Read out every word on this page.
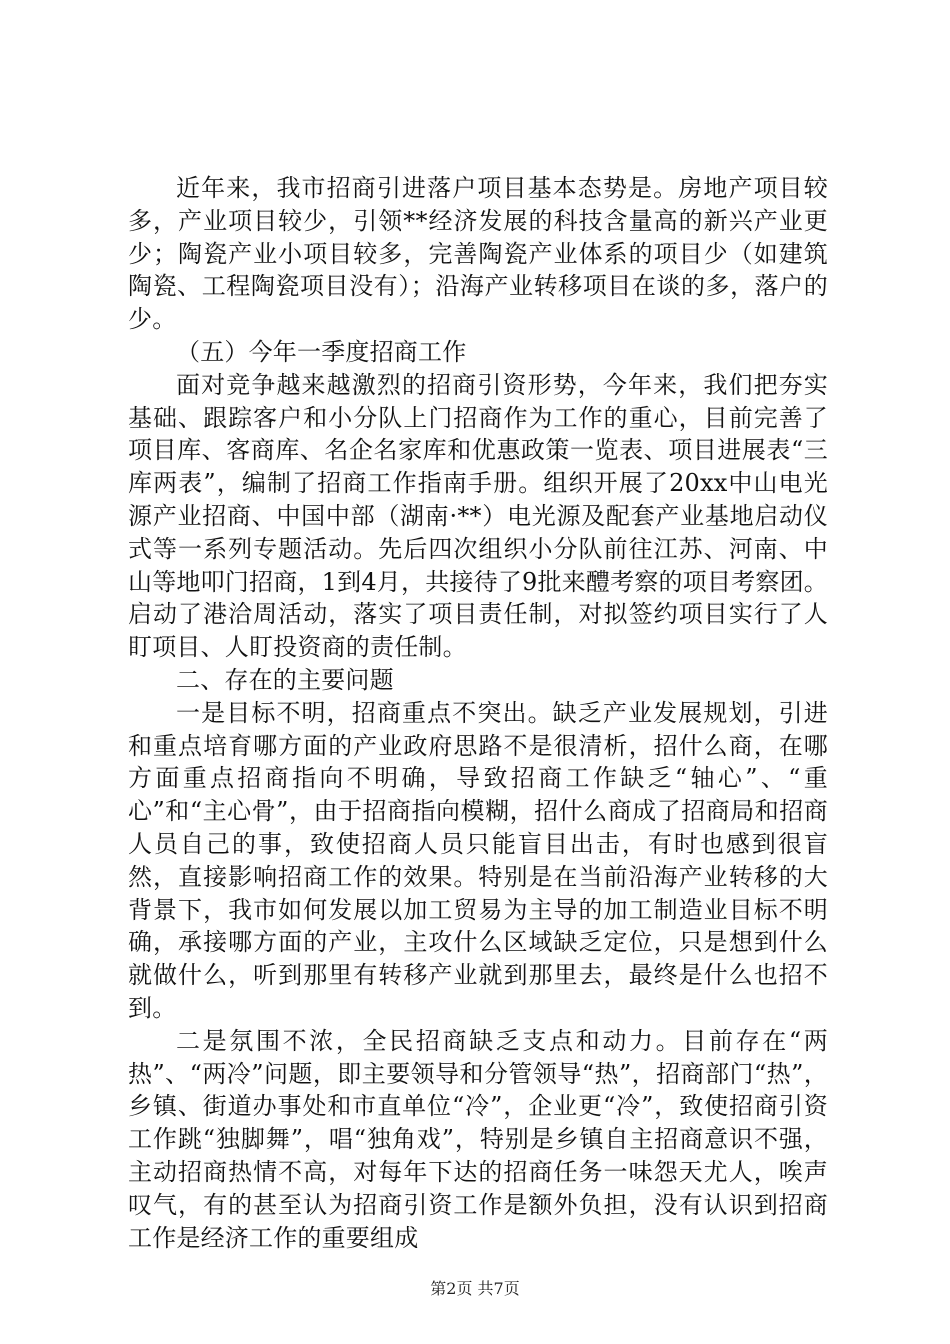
近年来，我市招商引进落户项目基本态势是。房地产项目较多，产业项目较少，引领**经济发展的科技含量高的新兴产业更少；陶瓷产业小项目较多，完善陶瓷产业体系的项目少（如建筑陶瓷、工程陶瓷项目没有）；沿海产业转移项目在谈的多，落户的少。

（五）今年一季度招商工作

面对竞争越来越激烈的招商引资形势，今年来，我们把夯实基础、跟踪客户和小分队上门招商作为工作的重心，目前完善了项目库、客商库、名企名家库和优惠政策一览表、项目进展表“三库两表”，编制了招商工作指南手册。组织开展了20xx中山电光源产业招商、中国中部（湖南·**）电光源及配套产业基地启动仪式等一系列专题活动。先后四次组织小分队前往江苏、河南、中山等地叩门招商，1到4月，共接待了9批来醴考察的项目考察团。启动了港洽周活动，落实了项目责任制，对拟签约项目实行了人盯项目、人盯投资商的责任制。

二、存在的主要问题

一是目标不明，招商重点不突出。缺乏产业发展规划，引进和重点培育哪方面的产业政府思路不是很清析，招什么商，在哪方面重点招商指向不明确，导致招商工作缺乏“轴心”、“重心”和“主心骨”，由于招商指向模糊，招什么商成了招商局和招商人员自己的事，致使招商人员只能盲目出击，有时也感到很盲然，直接影响招商工作的效果。特别是在当前沿海产业转移的大背景下，我市如何发展以加工贸易为主导的加工制造业目标不明确，承接哪方面的产业，主攻什么区域缺乏定位，只是想到什么就做什么，听到那里有转移产业就到那里去，最终是什么也招不到。

二是氛围不浓，全民招商缺乏支点和动力。目前存在“两热”、“两冷”问题，即主要领导和分管领导“热”，招商部门“热”，乡镇、街道办事处和市直单位“冷”，企业更“冷”，致使招商引资工作跳“独脚舞”，唱“独角戏”，特别是乡镇自主招商意识不强，主动招商热情不高，对每年下达的招商任务一味怨天尤人，唉声叹气，有的甚至认为招商引资工作是额外负担，没有认识到招商工作是经济工作的重要组成

第2页 共7页
